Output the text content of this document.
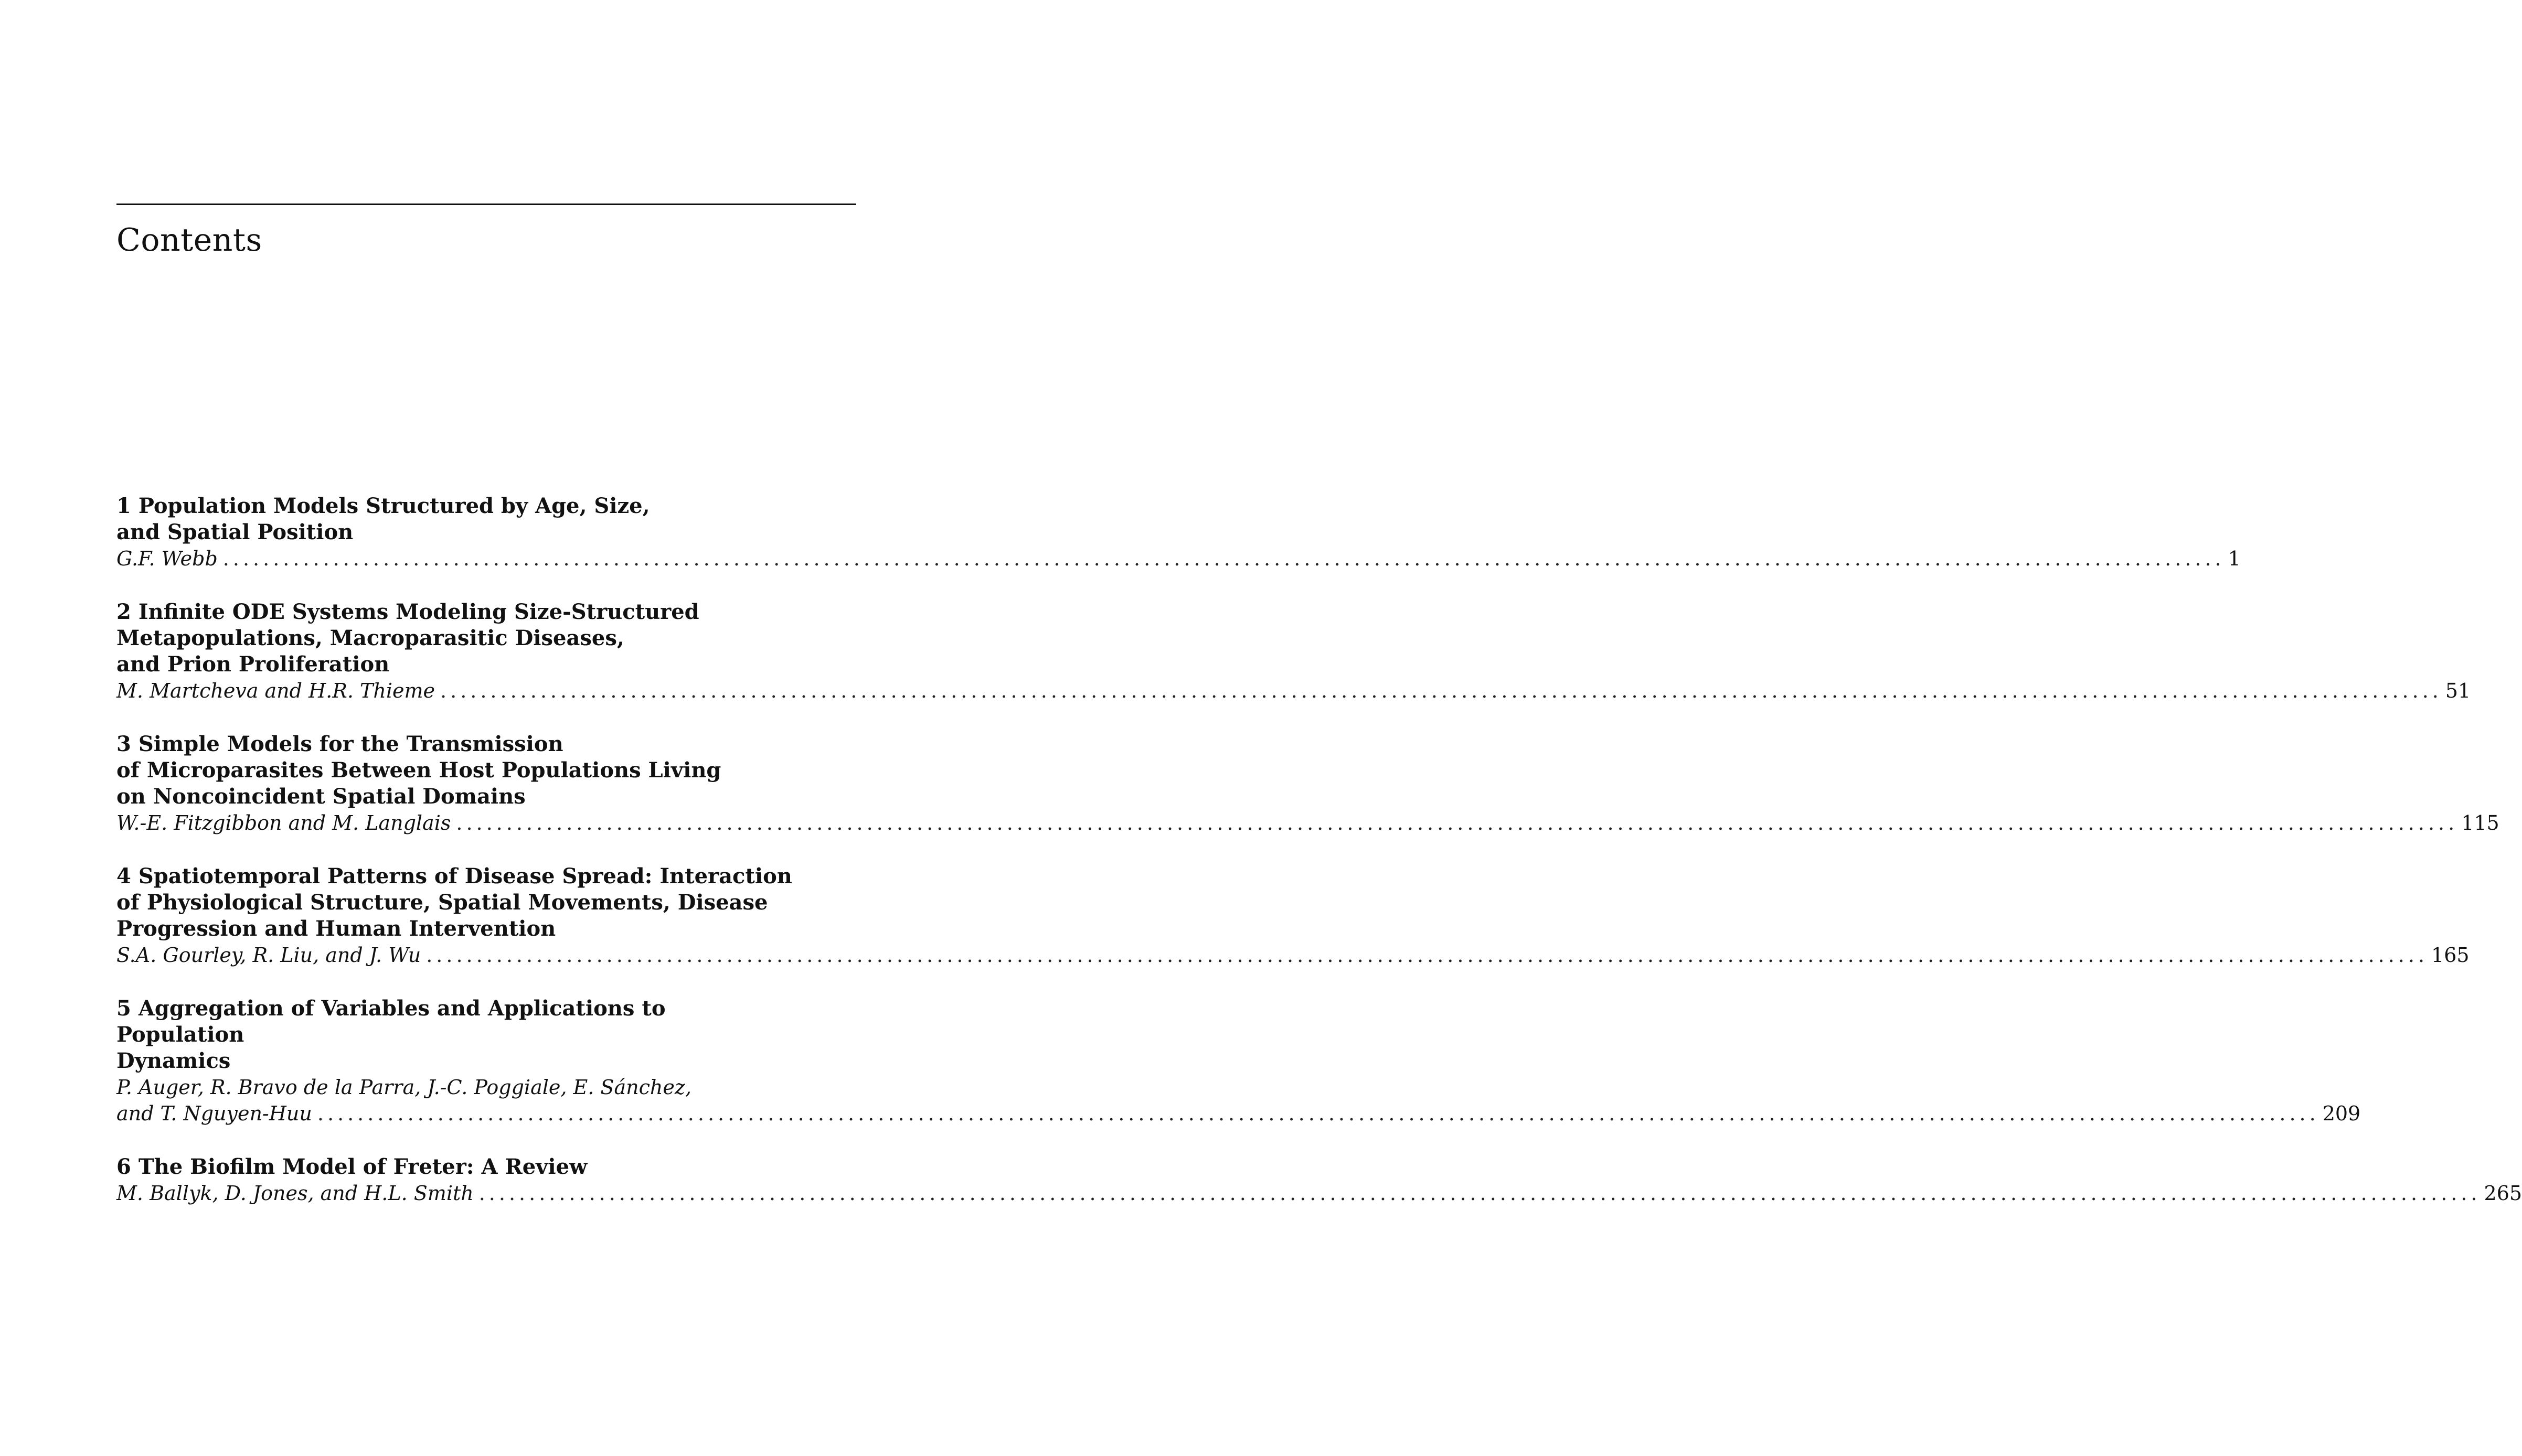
Contents

1 Population Models Structured by Age, Size,

and Spatial Position

G.F. Webb ........................................................................................................................................................................................................ 1

2 Infinite ODE Systems Modeling Size-Structured

Metapopulations, Macroparasitic Diseases,

and Prion Proliferation

M. Martcheva and H.R. Thieme ........................................................................................................................................................................................................ 51

3 Simple Models for the Transmission

of Microparasites Between Host Populations Living

on Noncoincident Spatial Domains

W.-E. Fitzgibbon and M. Langlais ........................................................................................................................................................................................................ 115

4 Spatiotemporal Patterns of Disease Spread: Interaction

of Physiological Structure, Spatial Movements, Disease

Progression and Human Intervention

S.A. Gourley, R. Liu, and J. Wu ........................................................................................................................................................................................................ 165

5 Aggregation of Variables and Applications to Population

Dynamics

P. Auger, R. Bravo de la Parra, J.-C. Poggiale, E. Sánchez,

and T. Nguyen-Huu ........................................................................................................................................................................................................ 209

6 The Biofilm Model of Freter: A Review

M. Ballyk, D. Jones, and H.L. Smith ........................................................................................................................................................................................................ 265
